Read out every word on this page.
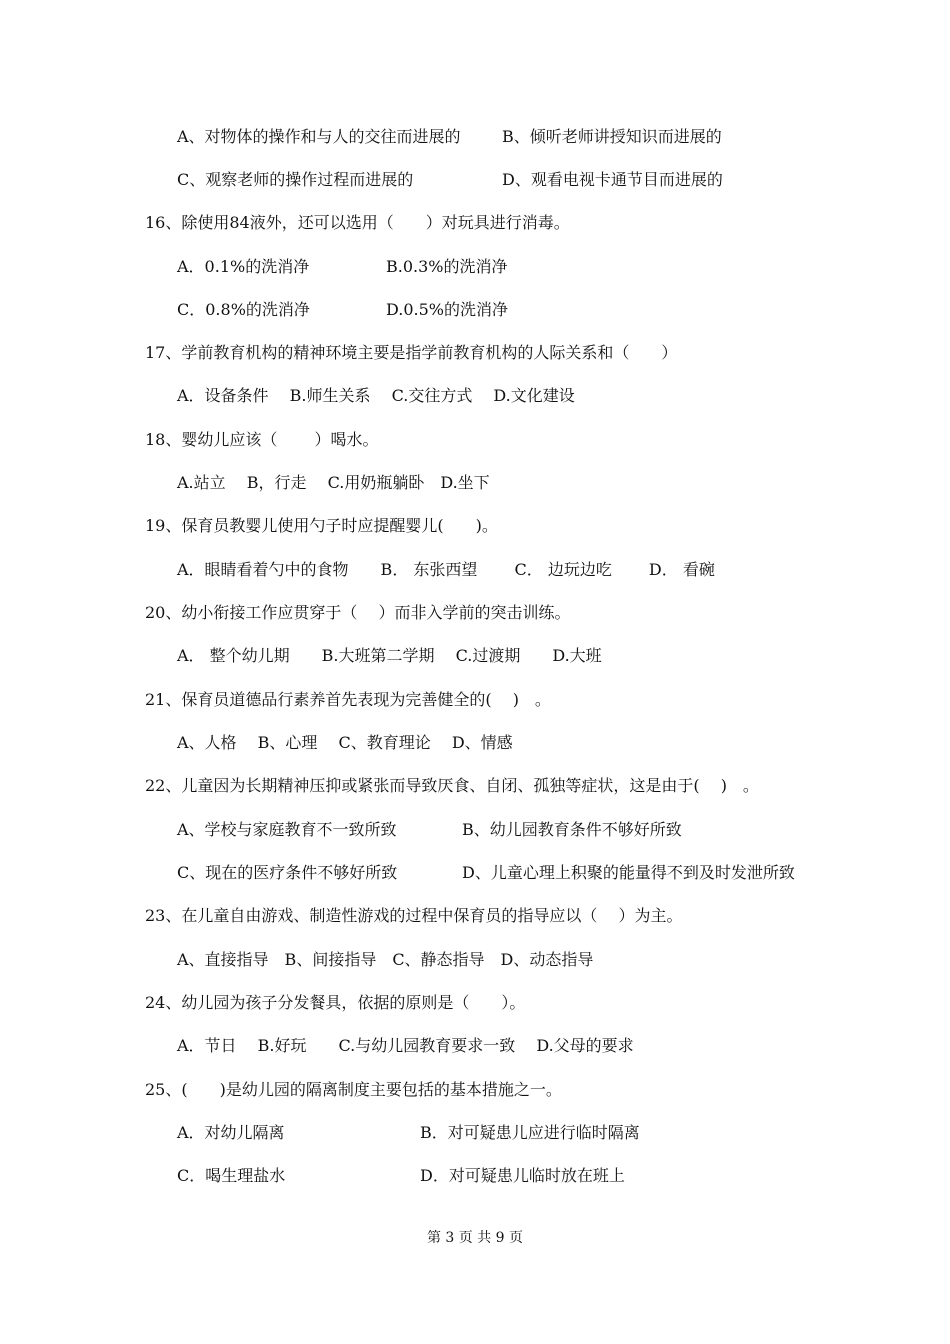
A、对物体的操作和与人的交往而进展的	B、倾听老师讲授知识而进展的
C、观察老师的操作过程而进展的	D、观看电视卡通节目而进展的
16、除使用84液外，还可以选用（　　）对玩具进行消毒。
A．0.1%的洗消净	B.0.3%的洗消净
C．0.8%的洗消净	D.0.5%的洗消净
17、学前教育机构的精神环境主要是指学前教育机构的人际关系和（　　）
A．设备条件　 B.师生关系　 C.交往方式　 D.文化建设
18、婴幼儿应该（　　 ）喝水。
A.站立　 B，行走　 C.用奶瓶躺卧　D.坐下
19、保育员教婴儿使用勺子时应提醒婴儿(　　)。
A．眼睛看着勺中的食物　　B． 东张西望　　 C． 边玩边吃　　 D． 看碗
20、幼小衔接工作应贯穿于（　 ）而非入学前的突击训练。
A． 整个幼儿期　　B.大班第二学期　 C.过渡期　　D.大班
21、保育员道德品行素养首先表现为完善健全的(　 )　。
A、人格　 B、心理　 C、教育理论　 D、情感
22、儿童因为长期精神压抑或紧张而导致厌食、自闭、孤独等症状，这是由于(　 )　。
A、学校与家庭教育不一致所致	B、幼儿园教育条件不够好所致
C、现在的医疗条件不够好所致	D、儿童心理上积聚的能量得不到及时发泄所致
23、在儿童自由游戏、制造性游戏的过程中保育员的指导应以（　 ）为主。
A、直接指导　B、间接指导　C、静态指导　D、动态指导
24、幼儿园为孩子分发餐具，依据的原则是（　　）。
A．节日　 B.好玩　　C.与幼儿园教育要求一致　 D.父母的要求
25、(　　)是幼儿园的隔离制度主要包括的基本措施之一。
A．对幼儿隔离	B．对可疑患儿应进行临时隔离
C．喝生理盐水	D．对可疑患儿临时放在班上
第 3 页 共 9 页
